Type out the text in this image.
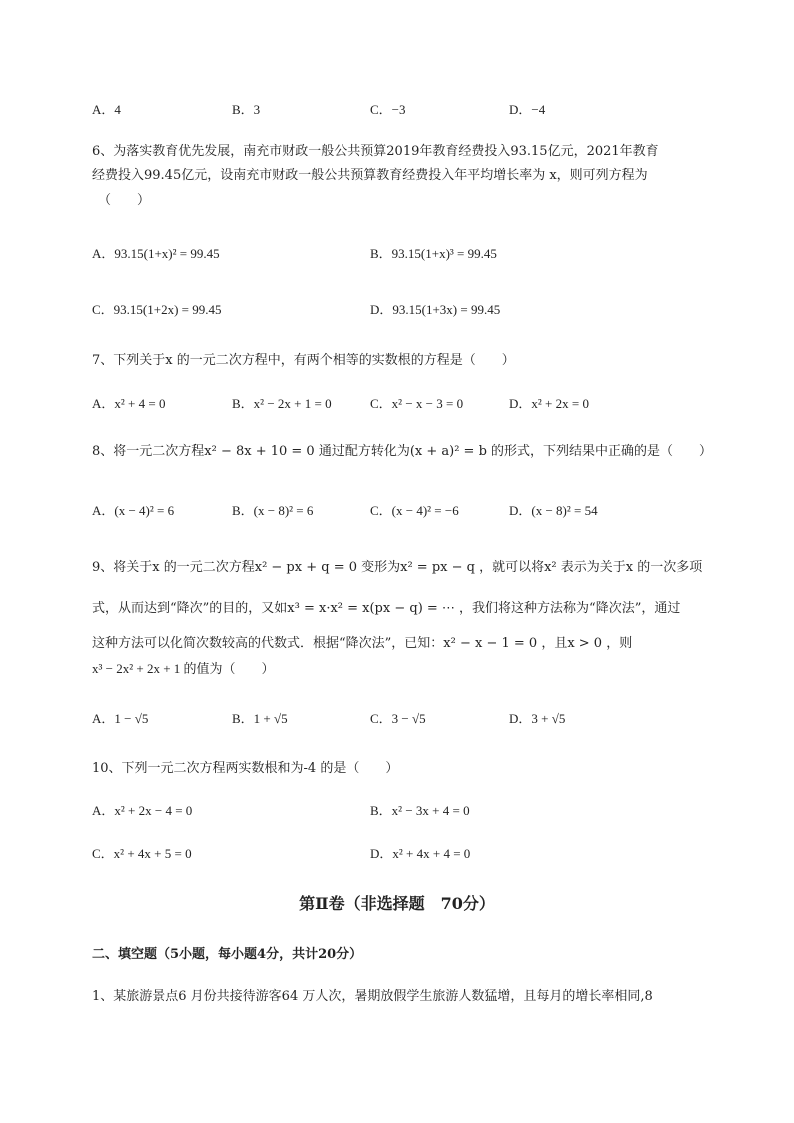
A．4	B．3	C．−3	D．−4
6、为落实教育优先发展，南充市财政一般公共预算2019年教育经费投入93.15亿元，2021年教育
经费投入99.45亿元，设南充市财政一般公共预算教育经费投入年平均增长率为 x，则可列方程为
（　　）
A．93.15(1+x)² = 99.45	B．93.15(1+x)³ = 99.45
C．93.15(1+2x) = 99.45	D．93.15(1+3x) = 99.45
7、下列关于x 的一元二次方程中，有两个相等的实数根的方程是（　　）
A．x² + 4 = 0	B．x² − 2x + 1 = 0	C．x² − x − 3 = 0	D．x² + 2x = 0
8、将一元二次方程x² − 8x + 10 = 0 通过配方转化为(x + a)² = b 的形式，下列结果中正确的是（　　）
A．(x − 4)² = 6	B．(x − 8)² = 6	C．(x − 4)² = −6	D．(x − 8)² = 54
9、将关于x 的一元二次方程x² − px + q = 0 变形为x² = px − q ，就可以将x² 表示为关于x 的一次多项
式，从而达到“降次”的目的，又如x³ = x·x² = x(px − q) = ⋯ ，我们将这种方法称为“降次法”，通过
这种方法可以化简次数较高的代数式．根据“降次法”，已知：x² − x − 1 = 0 ，且x > 0 ，则
x³ − 2x² + 2x + 1 的值为（　　）
A．1 − √5	B．1 + √5	C．3 − √5	D．3 + √5
10、下列一元二次方程两实数根和为-4 的是（　　）
A．x² + 2x − 4 = 0	B．x² − 3x + 4 = 0
C．x² + 4x + 5 = 0	D．x² + 4x + 4 = 0
第Ⅱ卷（非选择题　70分）
二、填空题（5小题，每小题4分，共计20分）
1、某旅游景点6 月份共接待游客64 万人次，暑期放假学生旅游人数猛增，且每月的增长率相同,8
